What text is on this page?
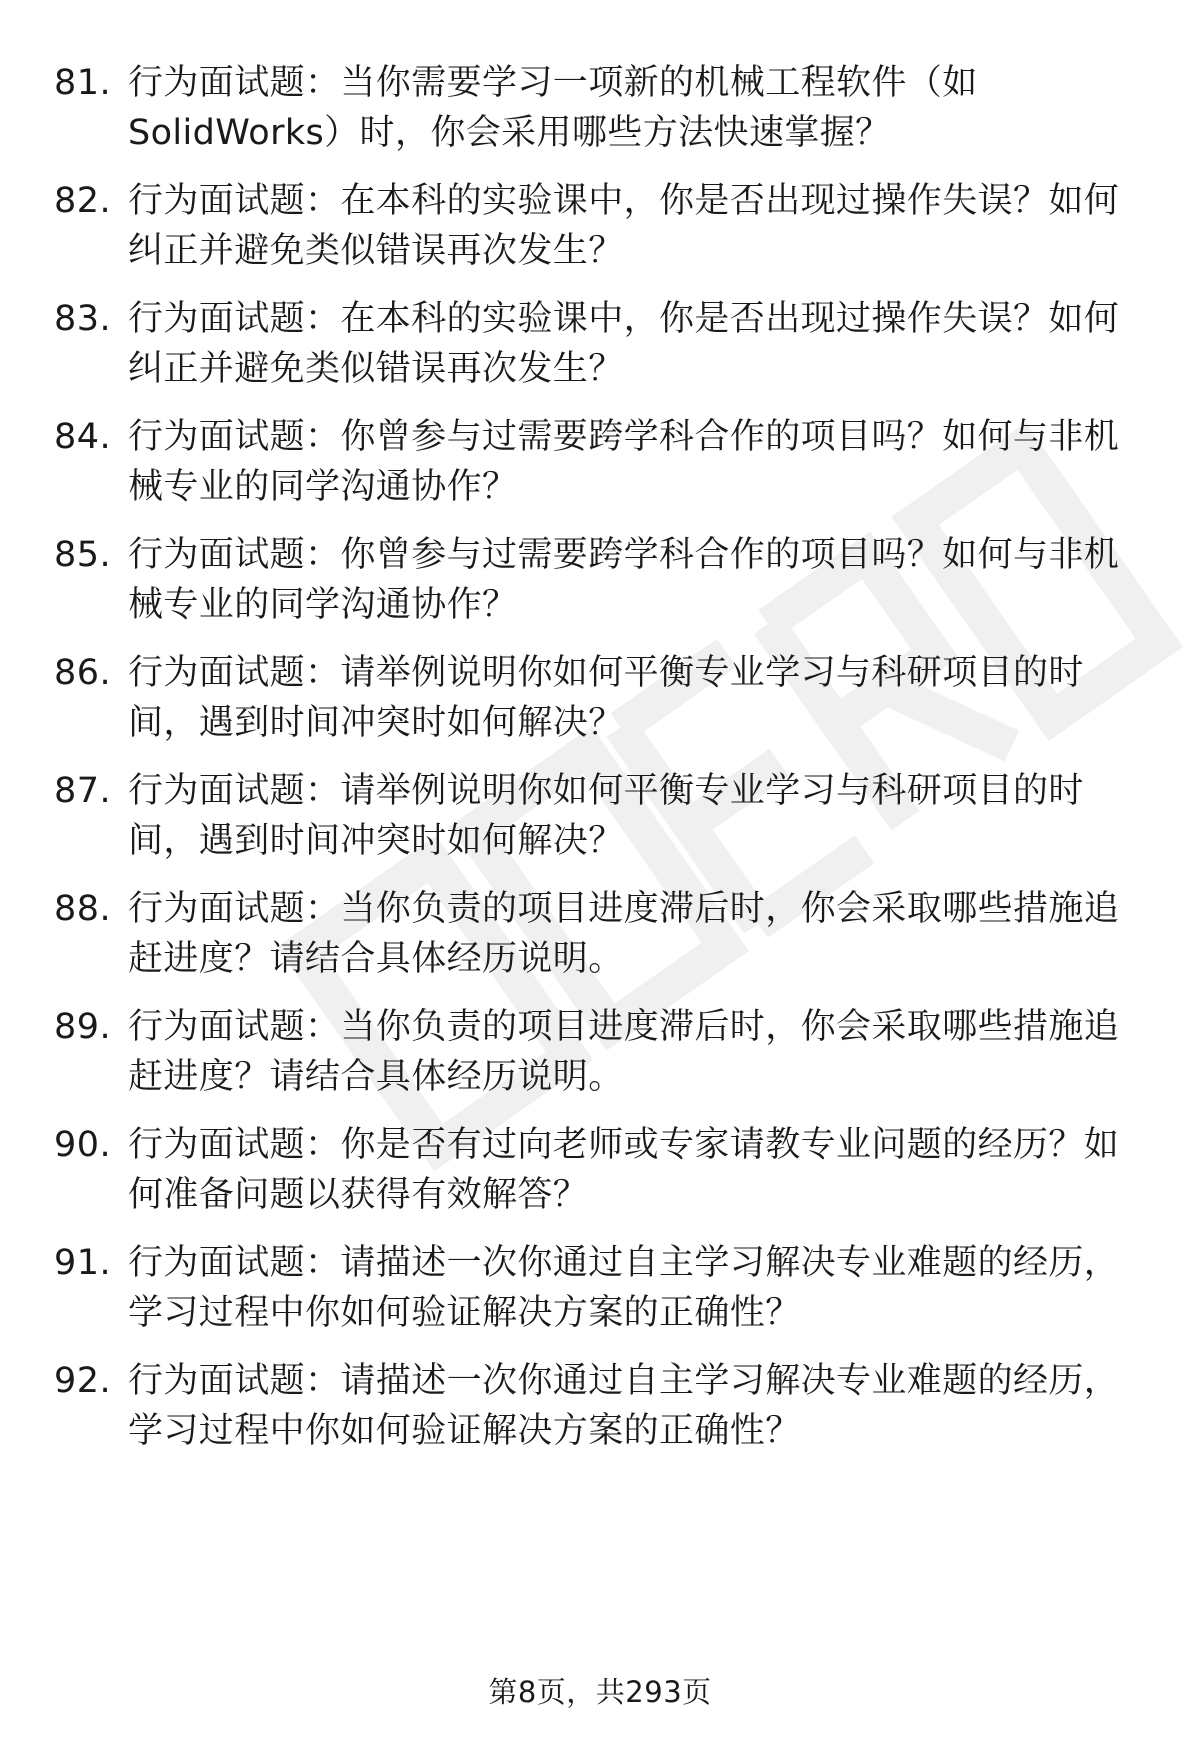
81. 行为面试题：当你需要学习一项新的机械工程软件（如
SolidWorks）时，你会采用哪些方法快速掌握？
82. 行为面试题：在本科的实验课中，你是否出现过操作失误？如何
纠正并避免类似错误再次发生？
83. 行为面试题：在本科的实验课中，你是否出现过操作失误？如何
纠正并避免类似错误再次发生？
84. 行为面试题：你曾参与过需要跨学科合作的项目吗？如何与非机
械专业的同学沟通协作？
85. 行为面试题：你曾参与过需要跨学科合作的项目吗？如何与非机
械专业的同学沟通协作？
86. 行为面试题：请举例说明你如何平衡专业学习与科研项目的时
间，遇到时间冲突时如何解决？
87. 行为面试题：请举例说明你如何平衡专业学习与科研项目的时
间，遇到时间冲突时如何解决？
88. 行为面试题：当你负责的项目进度滞后时，你会采取哪些措施追
赶进度？请结合具体经历说明。
89. 行为面试题：当你负责的项目进度滞后时，你会采取哪些措施追
赶进度？请结合具体经历说明。
90. 行为面试题：你是否有过向老师或专家请教专业问题的经历？如
何准备问题以获得有效解答？
91. 行为面试题：请描述一次你通过自主学习解决专业难题的经历，
学习过程中你如何验证解决方案的正确性？
92. 行为面试题：请描述一次你通过自主学习解决专业难题的经历，
学习过程中你如何验证解决方案的正确性？
第8页，共293页
